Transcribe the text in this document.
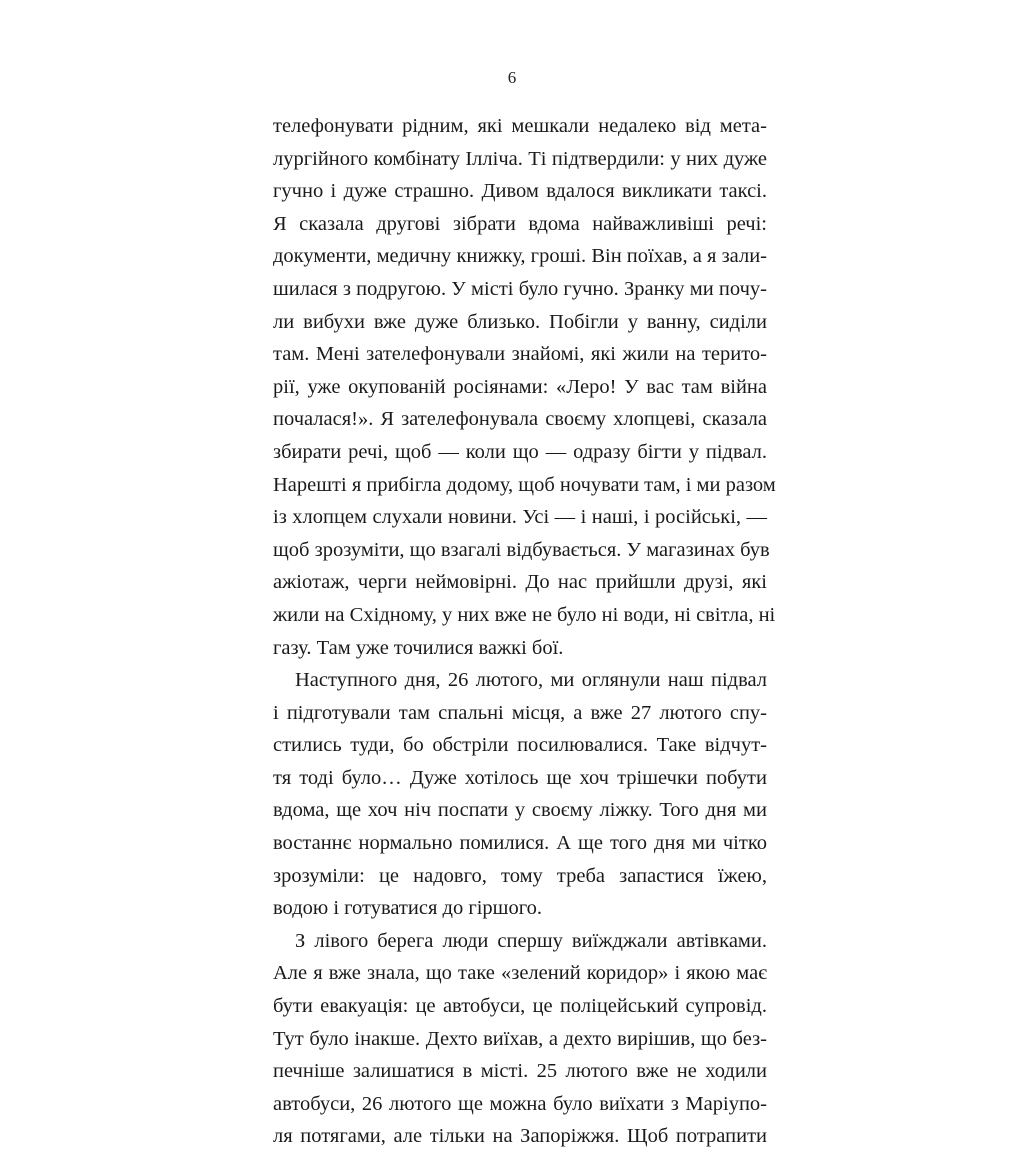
6
телефонувати рідним, які мешкали недалеко від мета-
лургійного комбінату Ілліча. Ті підтвердили: у них дуже
гучно і дуже страшно. Дивом вдалося викликати таксі.
Я сказала другові зібрати вдома найважливіші речі:
документи, медичну книжку, гроші. Він поїхав, а я зали-
шилася з подругою. У місті було гучно. Зранку ми почу-
ли вибухи вже дуже близько. Побігли у ванну, сиділи
там. Мені зателефонували знайомі, які жили на терито-
рії, уже окупованій росіянами: «Леро! У вас там війна
почалася!». Я зателефонувала своєму хлопцеві, сказала
збирати речі, щоб — коли що — одразу бігти у підвал.
Нарешті я прибігла додому, щоб ночувати там, і ми разом
із хлопцем слухали новини. Усі — і наші, і російські, —
щоб зрозуміти, що взагалі відбувається. У магазинах був
ажіотаж, черги неймовірні. До нас прийшли друзі, які
жили на Східному, у них вже не було ні води, ні світла, ні
газу. Там уже точилися важкі бої.
Наступного дня, 26 лютого, ми оглянули наш підвал
і підготували там спальні місця, а вже 27 лютого спу-
стились туди, бо обстріли посилювалися. Таке відчут-
тя тоді було… Дуже хотілось ще хоч трішечки побути
вдома, ще хоч ніч поспати у своєму ліжку. Того дня ми
востаннє нормально помилися. А ще того дня ми чітко
зрозуміли: це надовго, тому треба запастися їжею,
водою і готуватися до гіршого.
З лівого берега люди спершу виїжджали автівками.
Але я вже знала, що таке «зелений коридор» і якою має
бути евакуація: це автобуси, це поліцейський супровід.
Тут було інакше. Дехто виїхав, а дехто вирішив, що без-
печніше залишатися в місті. 25 лютого вже не ходили
автобуси, 26 лютого ще можна було виїхати з Маріупо-
ля потягами, але тільки на Запоріжжя. Щоб потрапити
